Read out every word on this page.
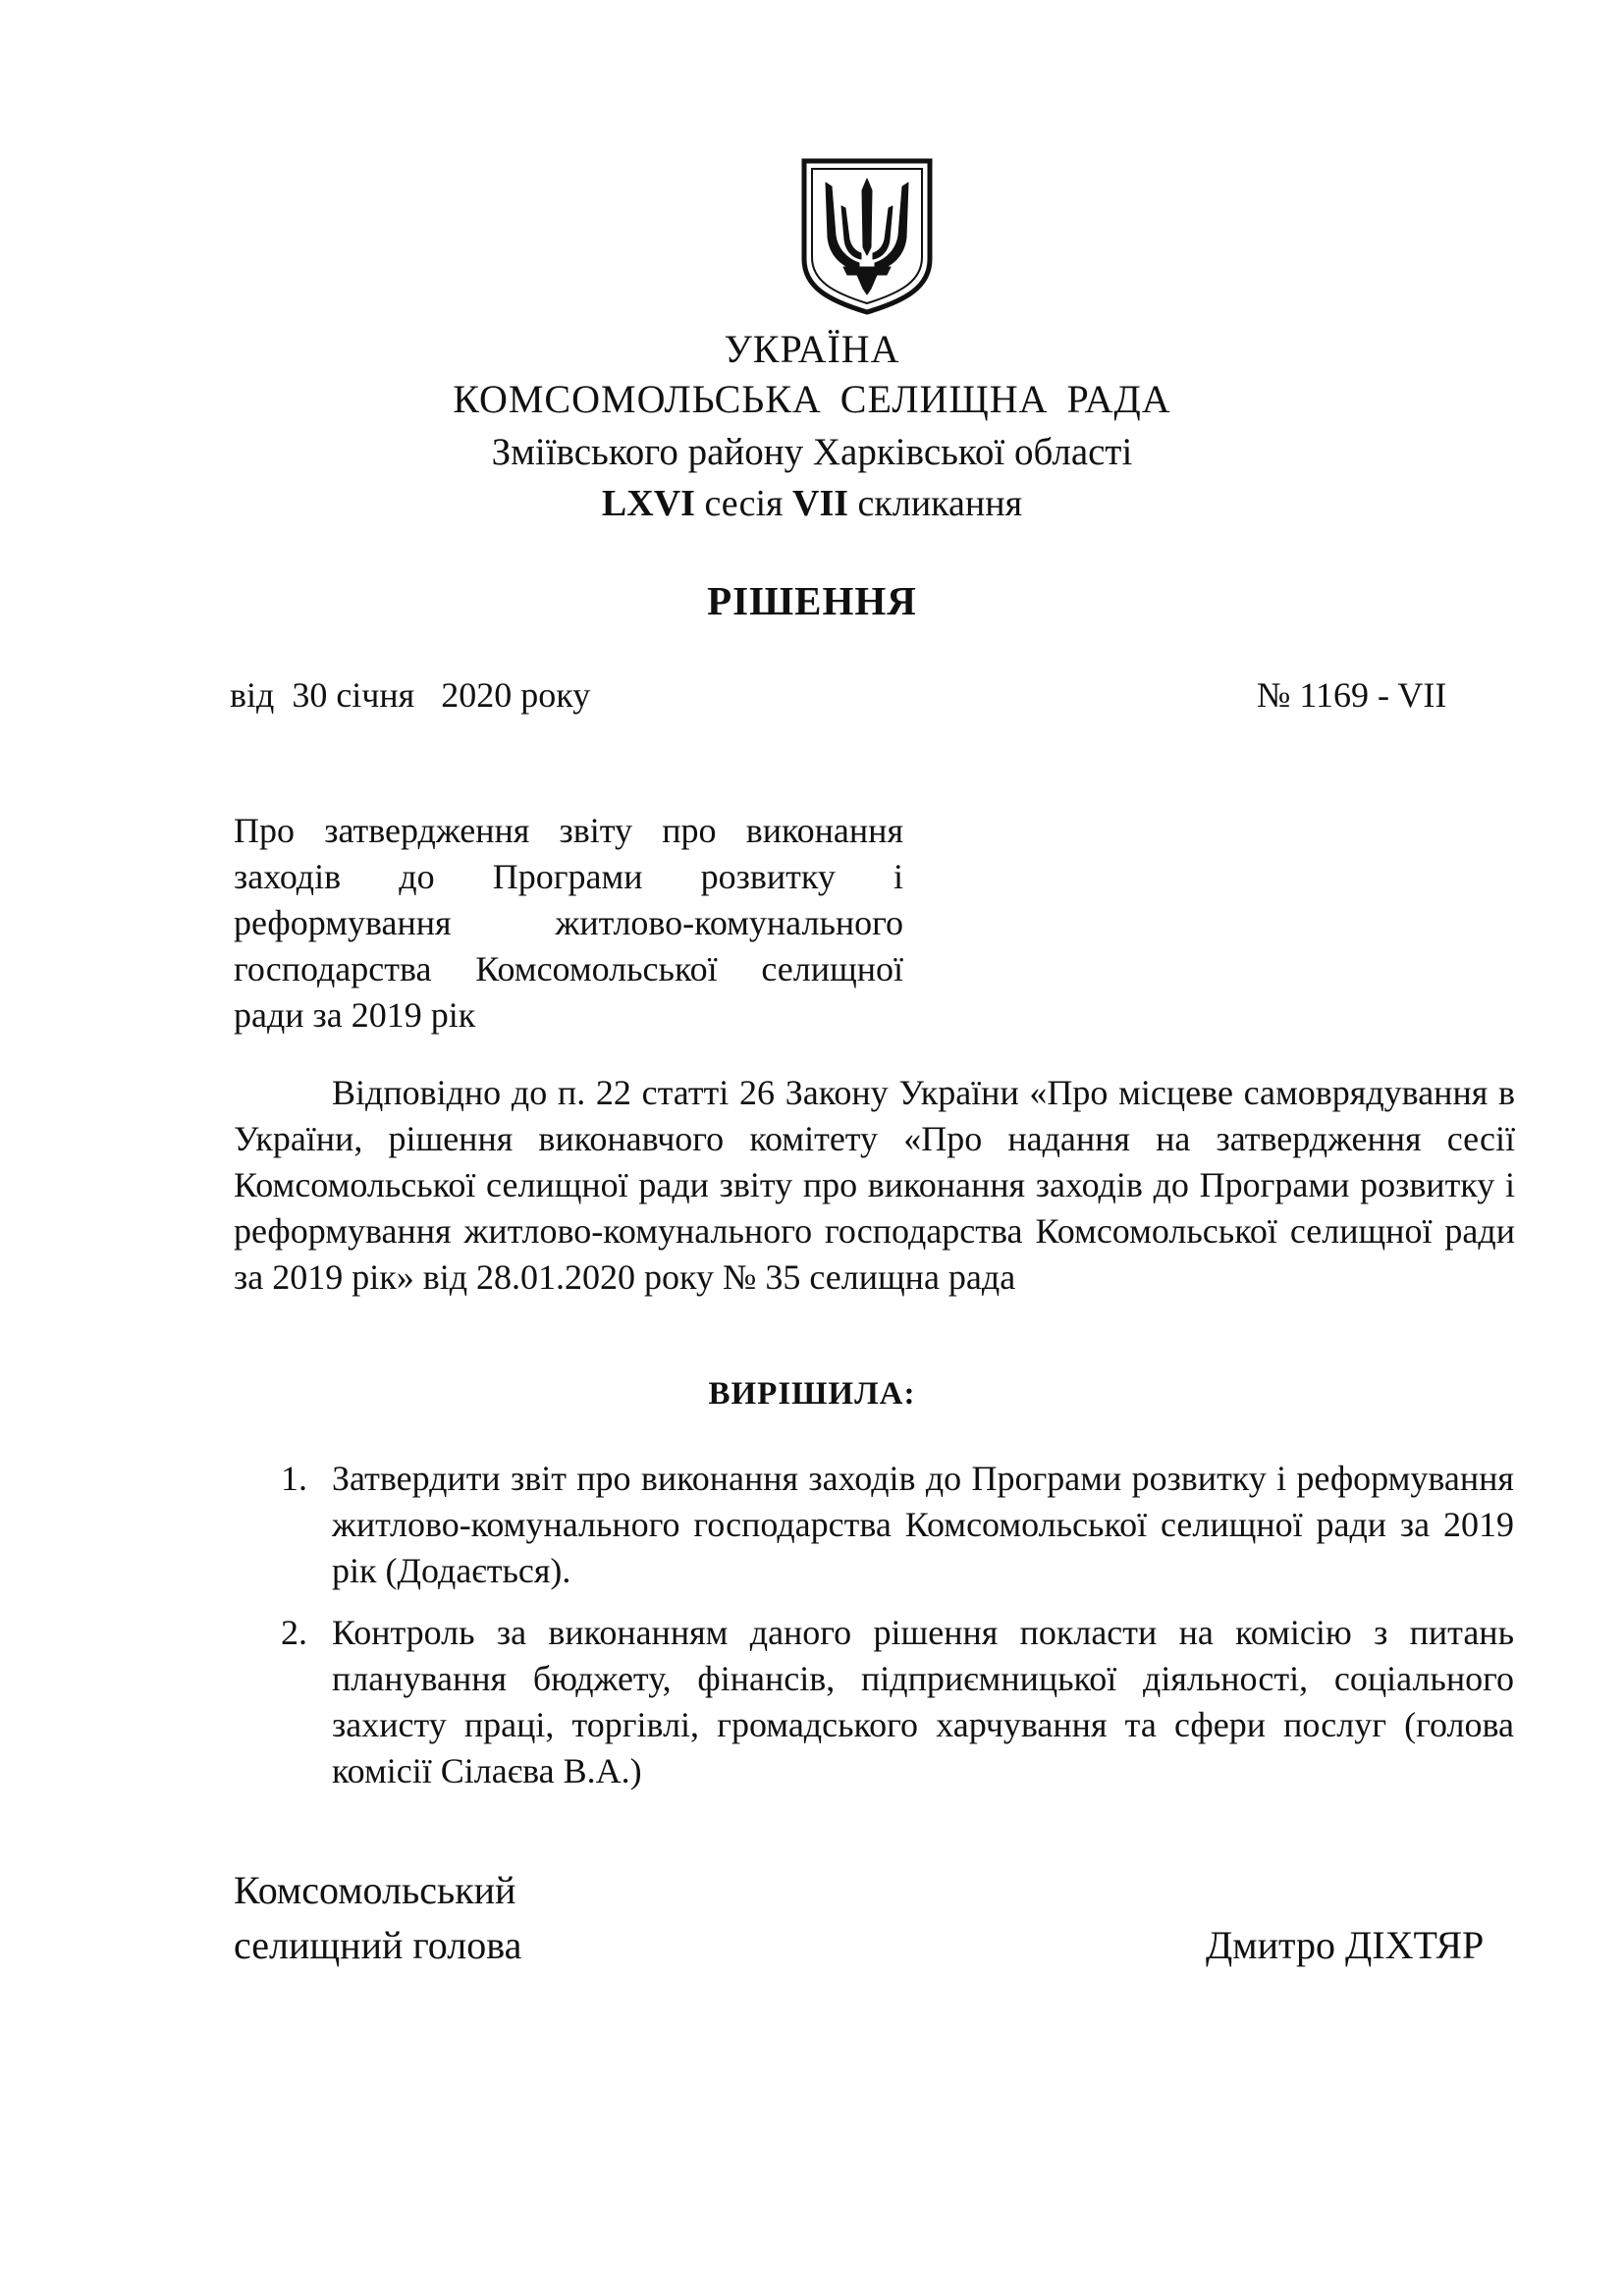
УКРАЇНА
КОМСОМОЛЬСЬКА СЕЛИЩНА РАДА
Зміївського району Харківської області
LXVI сесія VII скликання
РІШЕННЯ
від  30 січня   2020 року	№ 1169 - VII
Про затвердження звіту про виконання заходів до Програми розвитку і реформування житлово-комунального господарства Комсомольської селищної ради за 2019 рік
Відповідно до п. 22 статті 26 Закону України «Про місцеве самоврядування в України, рішення виконавчого комітету «Про надання на затвердження сесії Комсомольської селищної ради звіту про виконання заходів до Програми розвитку і реформування житлово-комунального господарства Комсомольської селищної ради за 2019 рік» від 28.01.2020 року № 35 селищна рада
ВИРІШИЛА:
1. Затвердити звіт про виконання заходів до Програми розвитку і реформування житлово-комунального господарства Комсомольської селищної ради за 2019 рік (Додається).
2. Контроль за виконанням даного рішення покласти на комісію з питань планування бюджету, фінансів, підприємницької діяльності, соціального захисту праці, торгівлі, громадського харчування та сфери послуг (голова комісії Сілаєва В.А.)
Комсомольський
селищний голова	Дмитро ДІХТЯР
